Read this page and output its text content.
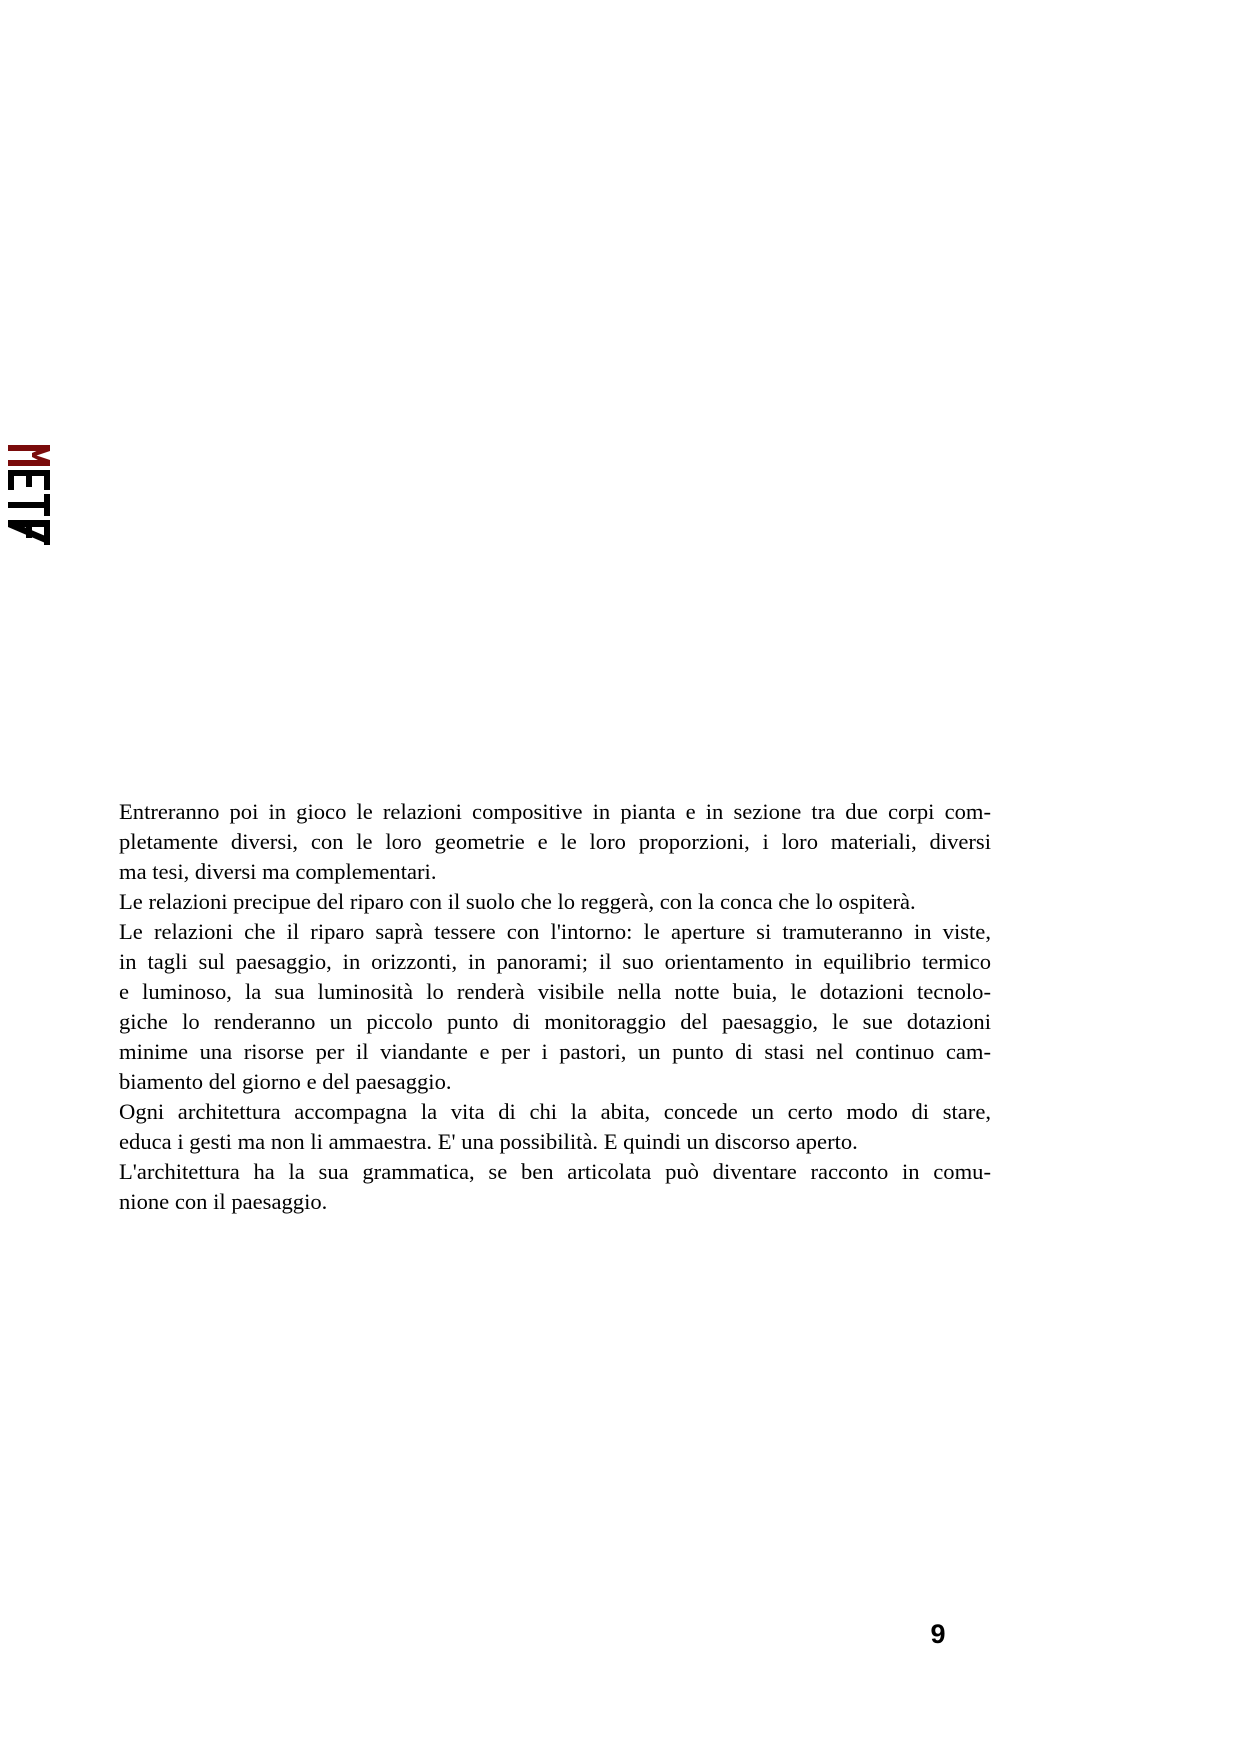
Entreranno poi in gioco le relazioni compositive in pianta e in sezione tra due corpi com-
pletamente diversi, con le loro geometrie e le loro proporzioni, i loro materiali, diversi
ma tesi, diversi ma complementari.
Le relazioni precipue del riparo con il suolo che lo reggerà, con la conca che lo ospiterà.
Le relazioni che il riparo saprà tessere con l'intorno: le aperture si tramuteranno in viste,
in tagli sul paesaggio, in orizzonti, in panorami; il suo orientamento in equilibrio termico
e luminoso, la sua luminosità lo renderà visibile nella notte buia, le dotazioni tecnolo-
giche lo renderanno un piccolo punto di monitoraggio del paesaggio, le sue dotazioni
minime una risorse per il viandante e per i pastori, un punto di stasi nel continuo cam-
biamento del giorno e del paesaggio.
Ogni architettura accompagna la vita di chi la abita, concede un certo modo di stare,
educa i gesti ma non li ammaestra. E' una possibilità. E quindi un discorso aperto.
L'architettura ha la sua grammatica, se ben articolata può diventare racconto in comu-
nione con il paesaggio.
9
